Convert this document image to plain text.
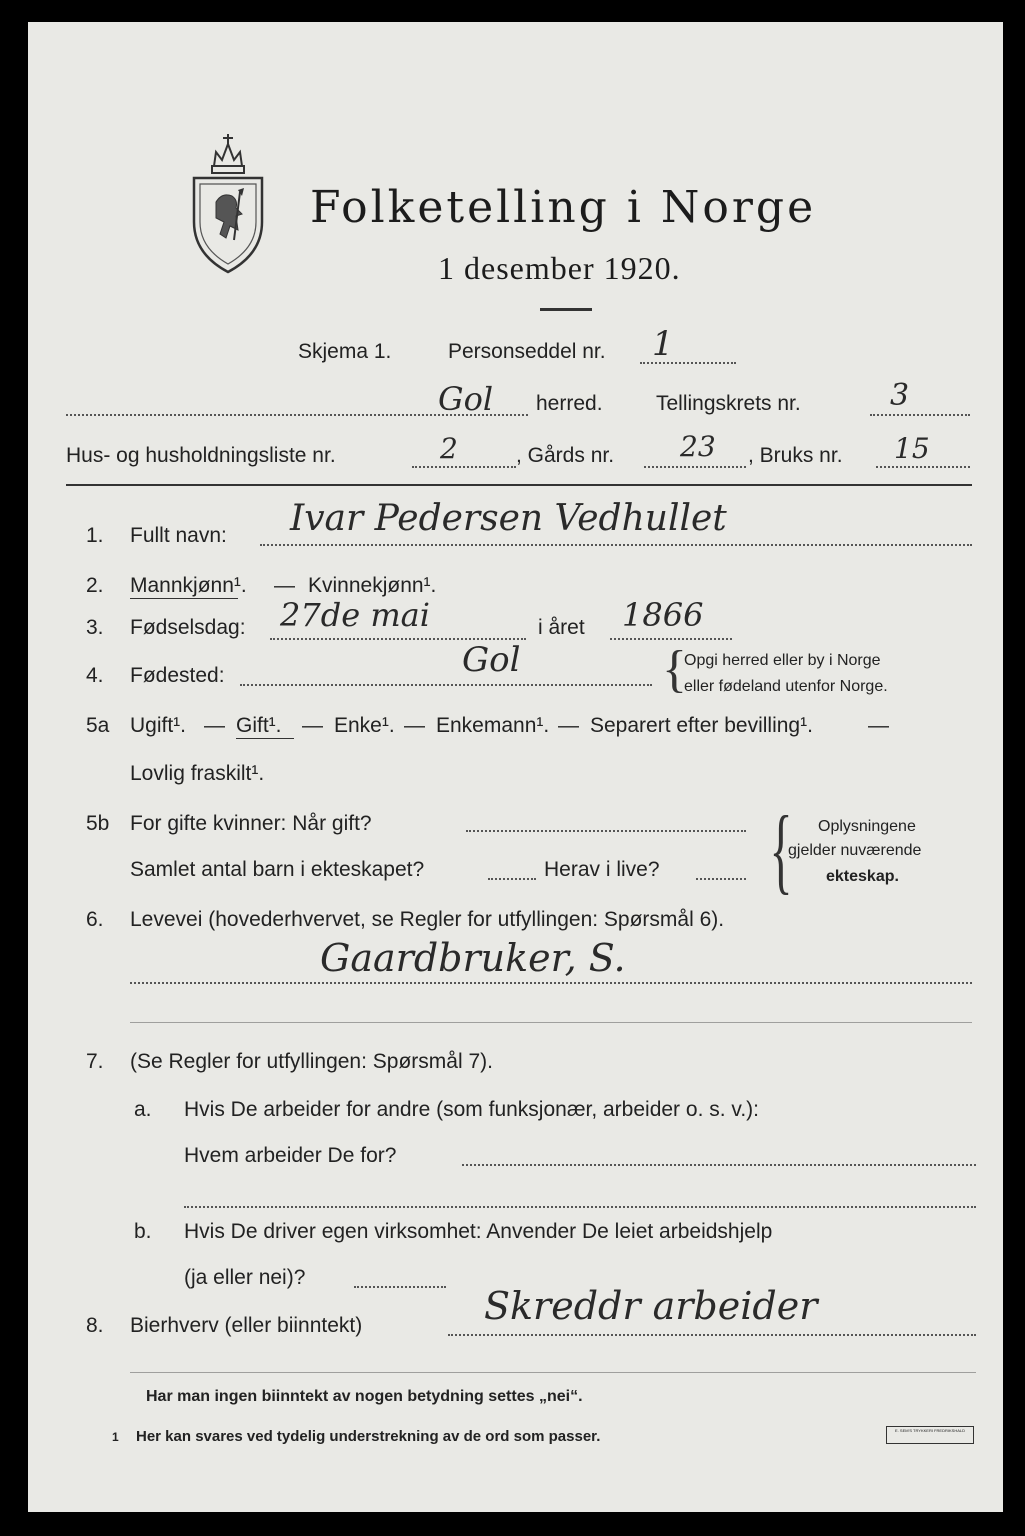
Folketelling i Norge
1 desember 1920.
Skjema 1.	Personseddel nr. 1
Gol herred.	Tellingskrets nr.	3
Hus- og husholdningsliste nr.	2	, Gårds nr. 23 , Bruks nr. 15
1. Fullt navn: Ivar Pedersen Vedhullet
2. Mannkjønn¹. — Kvinnekjønn¹.
3. Fødselsdag: 27de mai	i året 1866
4. Fødested:	Gol	{
Opgi herred eller by i Norge
eller fødeland utenfor Norge.
5a Ugift¹. — Gift¹. — Enke¹. — Enkemann¹. — Separert efter bevilling¹.	—
Lovlig fraskilt¹.
5b For gifte kvinner: Når gift?
Samlet antal barn i ekteskapet?	Herav i live? { Oplysningene
gjelder nuværende
ekteskap.
6. Levevei (hovederhvervet, se Regler for utfyllingen: Spørsmål 6).
Gaardbruker, S.
7. (Se Regler for utfyllingen: Spørsmål 7).
a. Hvis De arbeider for andre (som funksjonær, arbeider o. s. v.):
Hvem arbeider De for?
b. Hvis De driver egen virksomhet: Anvender De leiet arbeidshjelp
(ja eller nei)?
8. Bierhverv (eller biinntekt)	Skreddr arbeider
Har man ingen biinntekt av nogen betydning settes „nei“.
1 Her kan svares ved tydelig understrekning av de ord som passer.	E. SEM'S TRYKKERI FREDRIKSHALD
